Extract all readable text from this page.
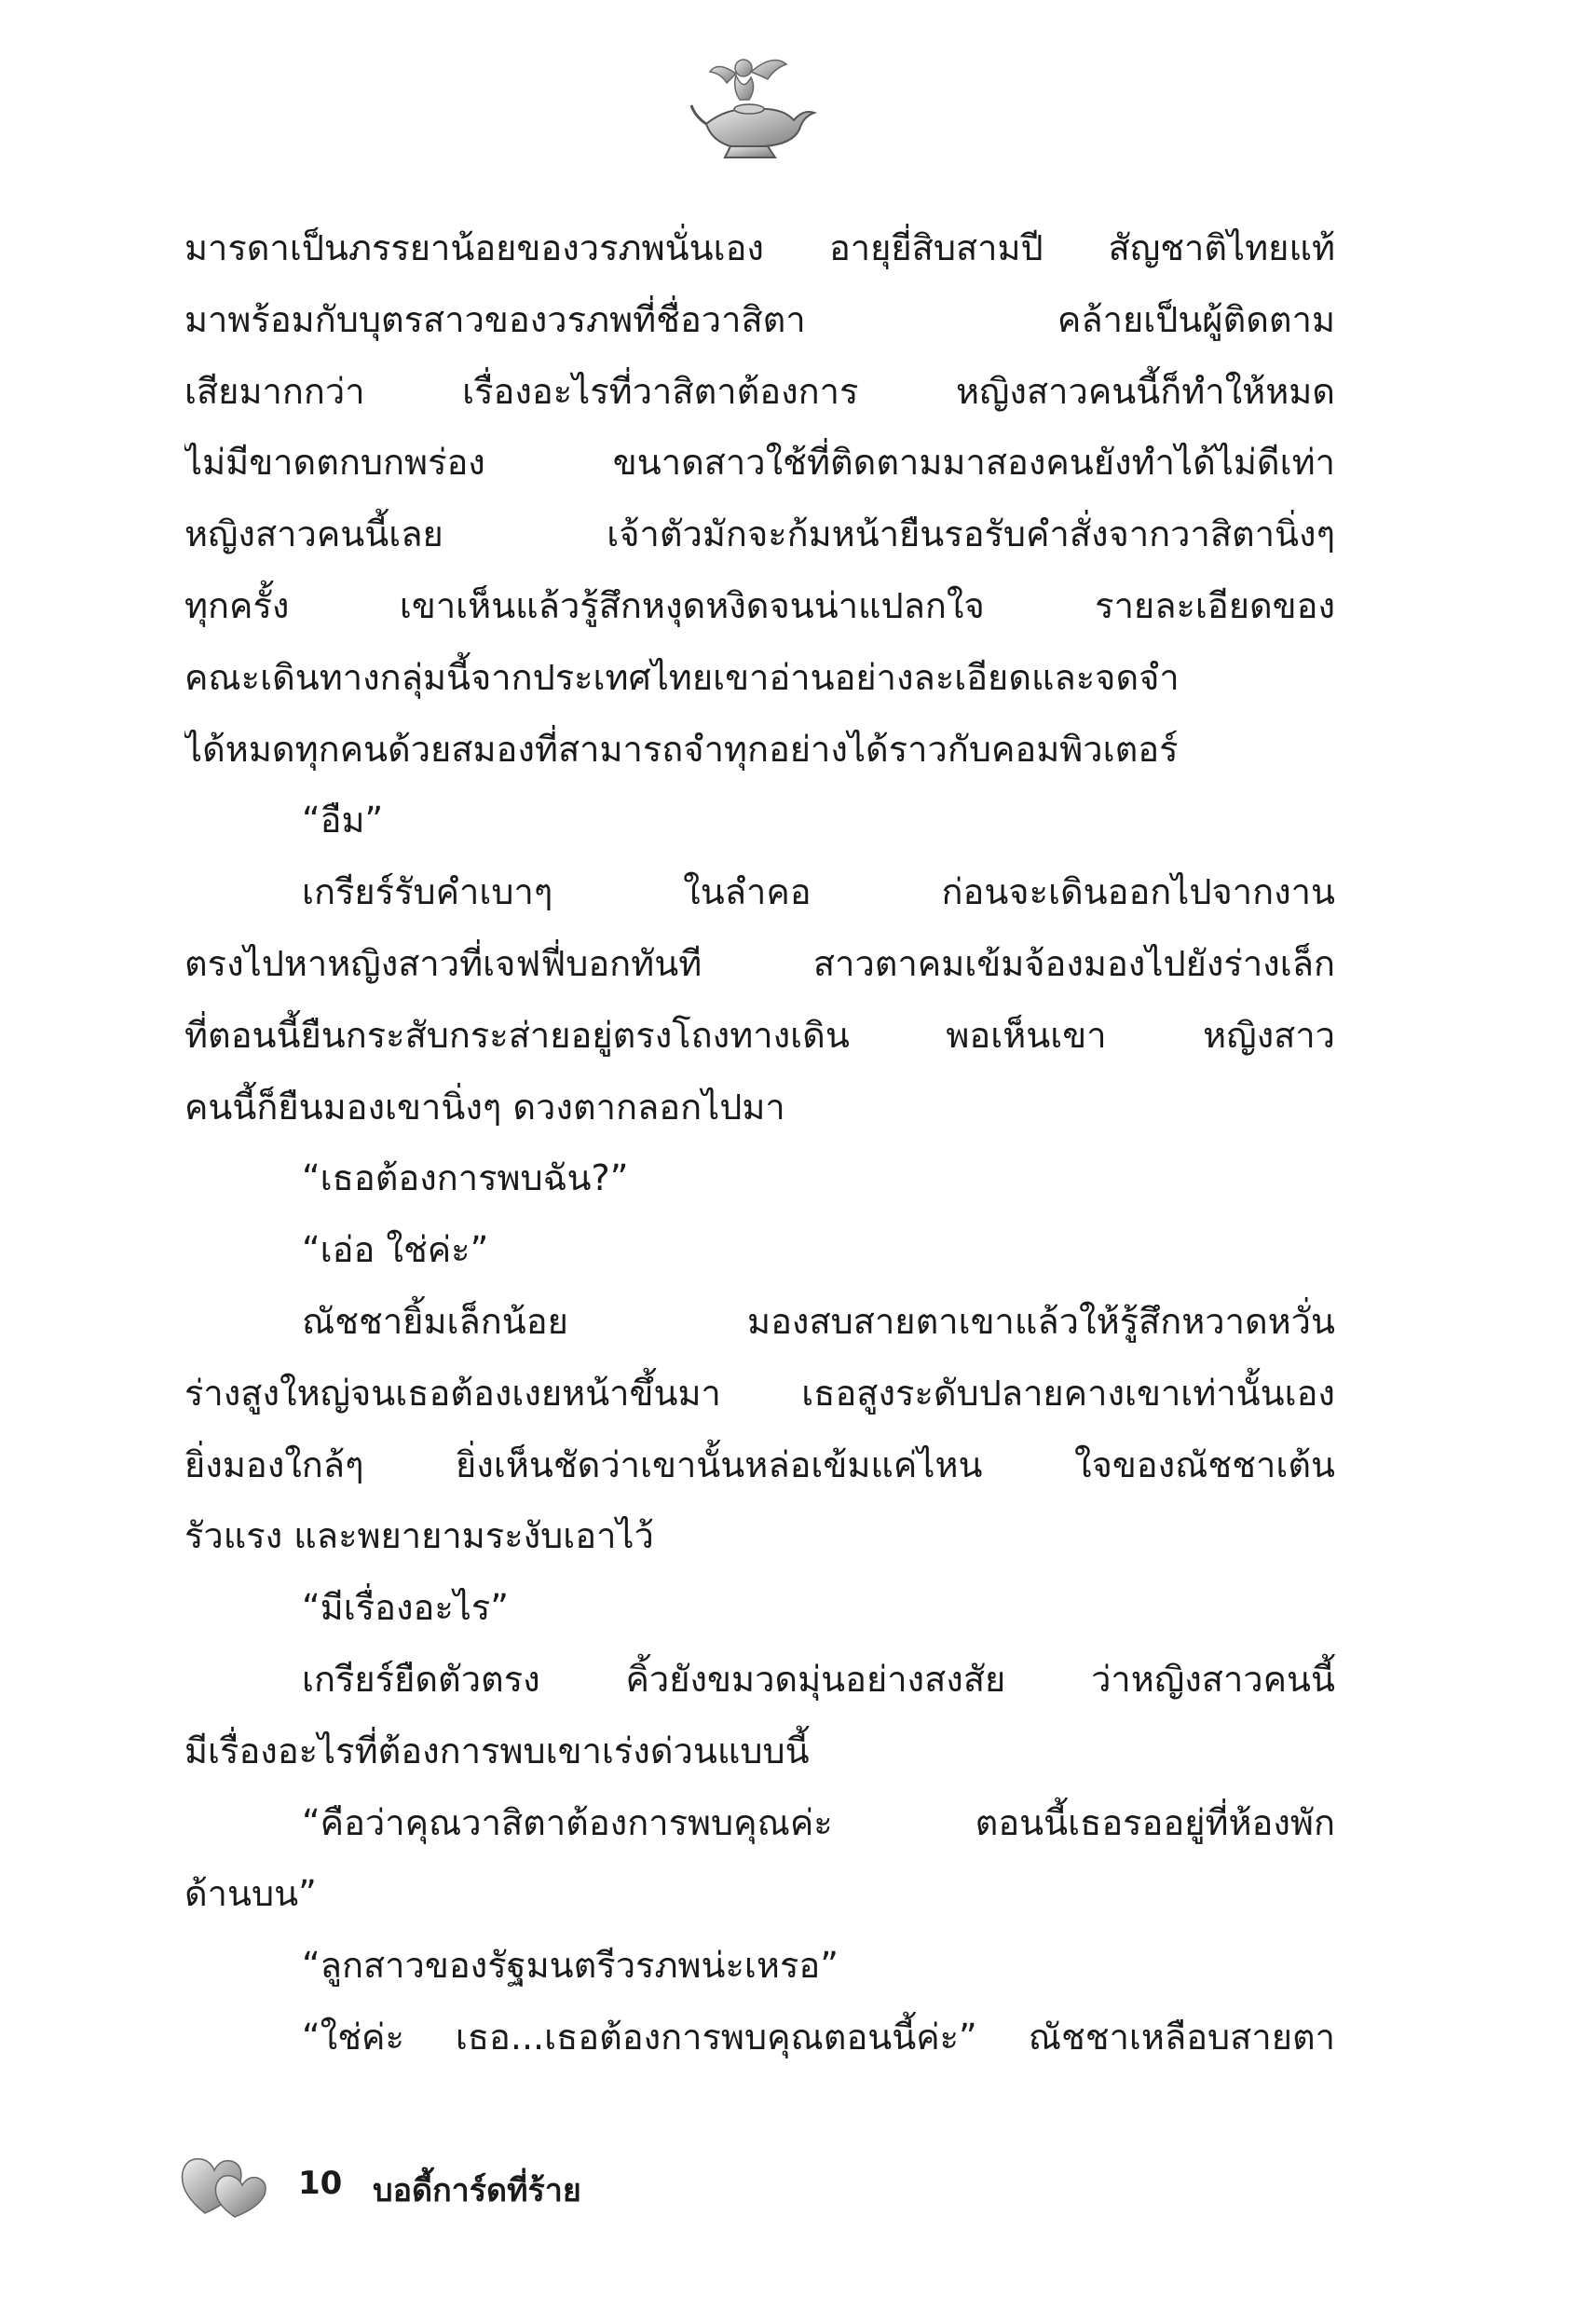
มารดาเป็นภรรยาน้อยของวรภพนั่นเอง อายุยี่สิบสามปี สัญชาติไทยแท้
มาพร้อมกับบุตรสาวของวรภพที่ชื่อวาสิตา คล้ายเป็นผู้ติดตาม
เสียมากกว่า เรื่องอะไรที่วาสิตาต้องการ หญิงสาวคนนี้ก็ทำให้หมด
ไม่มีขาดตกบกพร่อง ขนาดสาวใช้ที่ติดตามมาสองคนยังทำได้ไม่ดีเท่า
หญิงสาวคนนี้เลย เจ้าตัวมักจะก้มหน้ายืนรอรับคำสั่งจากวาสิตานิ่งๆ
ทุกครั้ง เขาเห็นแล้วรู้สึกหงุดหงิดจนน่าแปลกใจ รายละเอียดของ
คณะเดินทางกลุ่มนี้จากประเทศไทยเขาอ่านอย่างละเอียดและจดจำ
ได้หมดทุกคนด้วยสมองที่สามารถจำทุกอย่างได้ราวกับคอมพิวเตอร์
“อืม”
เกรียร์รับคำเบาๆ ในลำคอ ก่อนจะเดินออกไปจากงาน
ตรงไปหาหญิงสาวที่เจฟฟี่บอกทันที สาวตาคมเข้มจ้องมองไปยังร่างเล็ก
ที่ตอนนี้ยืนกระสับกระส่ายอยู่ตรงโถงทางเดิน พอเห็นเขา หญิงสาว
คนนี้ก็ยืนมองเขานิ่งๆ ดวงตากลอกไปมา
“เธอต้องการพบฉัน?”
“เอ่อ ใช่ค่ะ”
ณัชชายิ้มเล็กน้อย มองสบสายตาเขาแล้วให้รู้สึกหวาดหวั่น
ร่างสูงใหญ่จนเธอต้องเงยหน้าขึ้นมา เธอสูงระดับปลายคางเขาเท่านั้นเอง
ยิ่งมองใกล้ๆ ยิ่งเห็นชัดว่าเขานั้นหล่อเข้มแค่ไหน ใจของณัชชาเต้น
รัวแรง และพยายามระงับเอาไว้
“มีเรื่องอะไร”
เกรียร์ยืดตัวตรง คิ้วยังขมวดมุ่นอย่างสงสัย ว่าหญิงสาวคนนี้
มีเรื่องอะไรที่ต้องการพบเขาเร่งด่วนแบบนี้
“คือว่าคุณวาสิตาต้องการพบคุณค่ะ ตอนนี้เธอรออยู่ที่ห้องพัก
ด้านบน”
“ลูกสาวของรัฐมนตรีวรภพน่ะเหรอ”
“ใช่ค่ะ เธอ...เธอต้องการพบคุณตอนนี้ค่ะ” ณัชชาเหลือบสายตา
10 บอดี้การ์ดที่ร้าย
